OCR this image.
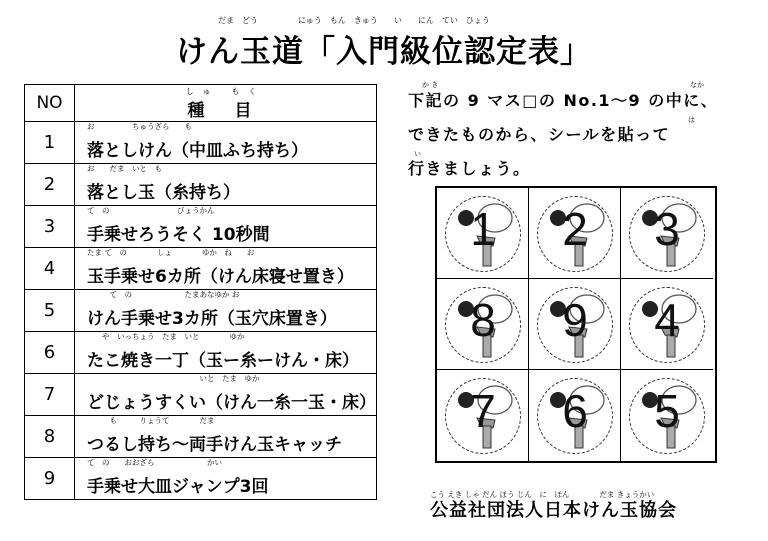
だま　どう　　　　　にゅう　もん　きゅう　　い　　にん　てい　ひょう
けん玉道「入門級位認定表」
NO	しゅ もく
種 目

1	お　　　　　ちゅうざら　　も
落としけん（中皿ふち持ち）

2	お　　だま　いと　も
落とし玉（糸持ち）

3	て　の　　　　　　　　　びょうかん
手乗せろうそく 10秒間

4	たま て　の　　　　しょ　　　　ゆか　ね　　お
玉手乗せ6カ所（けん床寝せ置き）

5	　　　て　の　　　　　　　たまあなゆか お
けん手乗せ3カ所（玉穴床置き）

6	　　や　いっちょう　たま　いと　　　　ゆか
たこ焼き一丁（玉ー糸ーけん・床）

7	　　　　　　　　　　　　　　　いと　たま　ゆか
どじょうすくい（けん一糸一玉・床）

8	　　　も　　　りょうて　　　　だま
つるし持ち〜両手けん玉キャッチ

9	て　の　　おおざら　　　　　　　かい
手乗せ大皿ジャンプ3回
か き	なか
下記の 9 マス□の No.1〜9 の中に、
は
できたものから、シールを貼って
い
行きましょう。
1	2	3
8	9	4
7	6	5
こう えき しゃ だん ほう じん　に　ほん　　　　だま きょうかい
公益社団法人日本けん玉協会
